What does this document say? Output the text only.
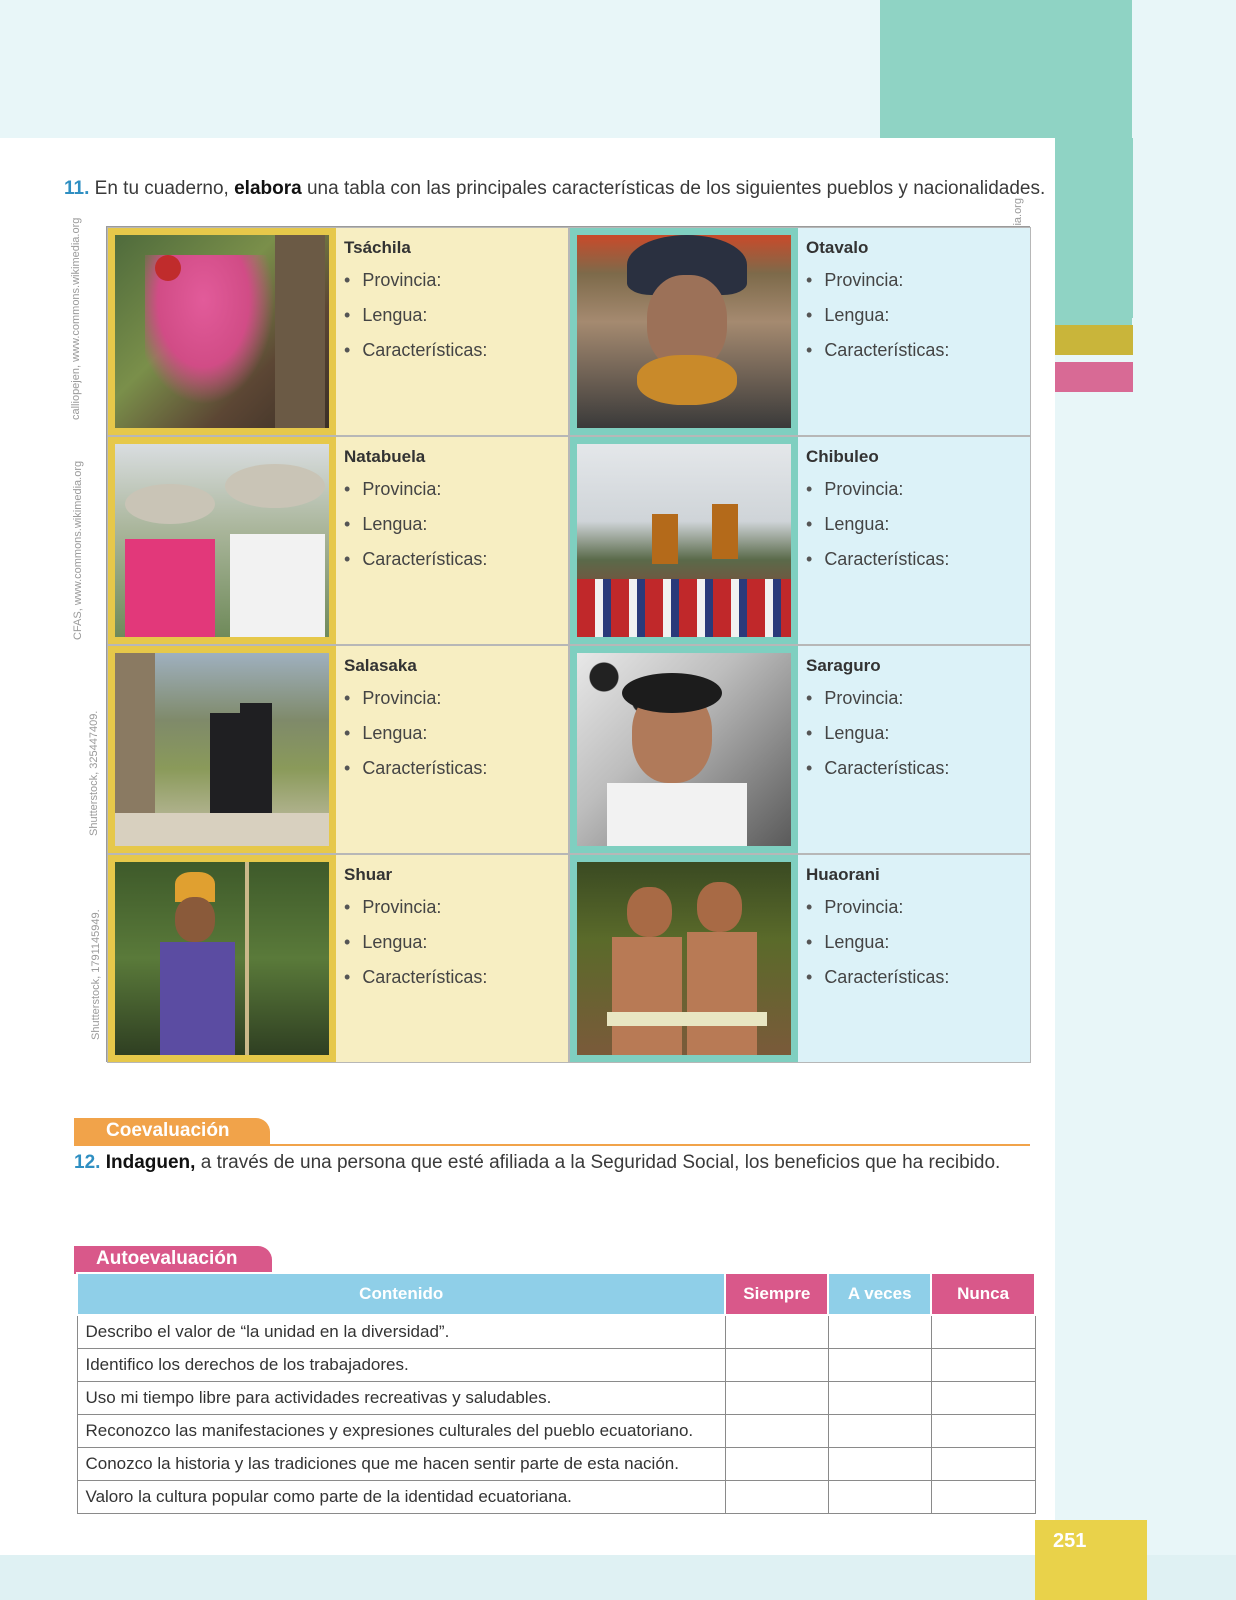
11. En tu cuaderno, elabora una tabla con las principales características de los siguientes pueblos y nacionalidades.
calliopejen, www.commons.wikimedia.org
CFAS, www.commons.wikimedia.org
Shutterstock, 325447409.
Shutterstock, 1791145949.
Tsáchila
• Provincia:
• Lengua:
• Características:
Otavalo
• Provincia:
• Lengua:
• Características:
Natabuela
• Provincia:
• Lengua:
• Características:
Chibuleo
• Provincia:
• Lengua:
• Características:
Salasaka
• Provincia:
• Lengua:
• Características:
Saraguro
• Provincia:
• Lengua:
• Características:
Shuar
• Provincia:
• Lengua:
• Características:
Huaorani
• Provincia:
• Lengua:
• Características:
Coevaluación
12. Indaguen, a través de una persona que esté afiliada a la Seguridad Social, los beneficios que ha recibido.
Autoevaluación
Contenido	Siempre	A veces	Nunca
Describo el valor de “la unidad en la diversidad”.			
Identifico los derechos de los trabajadores.			
Uso mi tiempo libre para actividades recreativas y saludables.			
Reconozco las manifestaciones y expresiones culturales del pueblo ecuatoriano.			
Conozco la historia y las tradiciones que me hacen sentir parte de esta nación.			
Valoro la cultura popular como parte de la identidad ecuatoriana.			
251
